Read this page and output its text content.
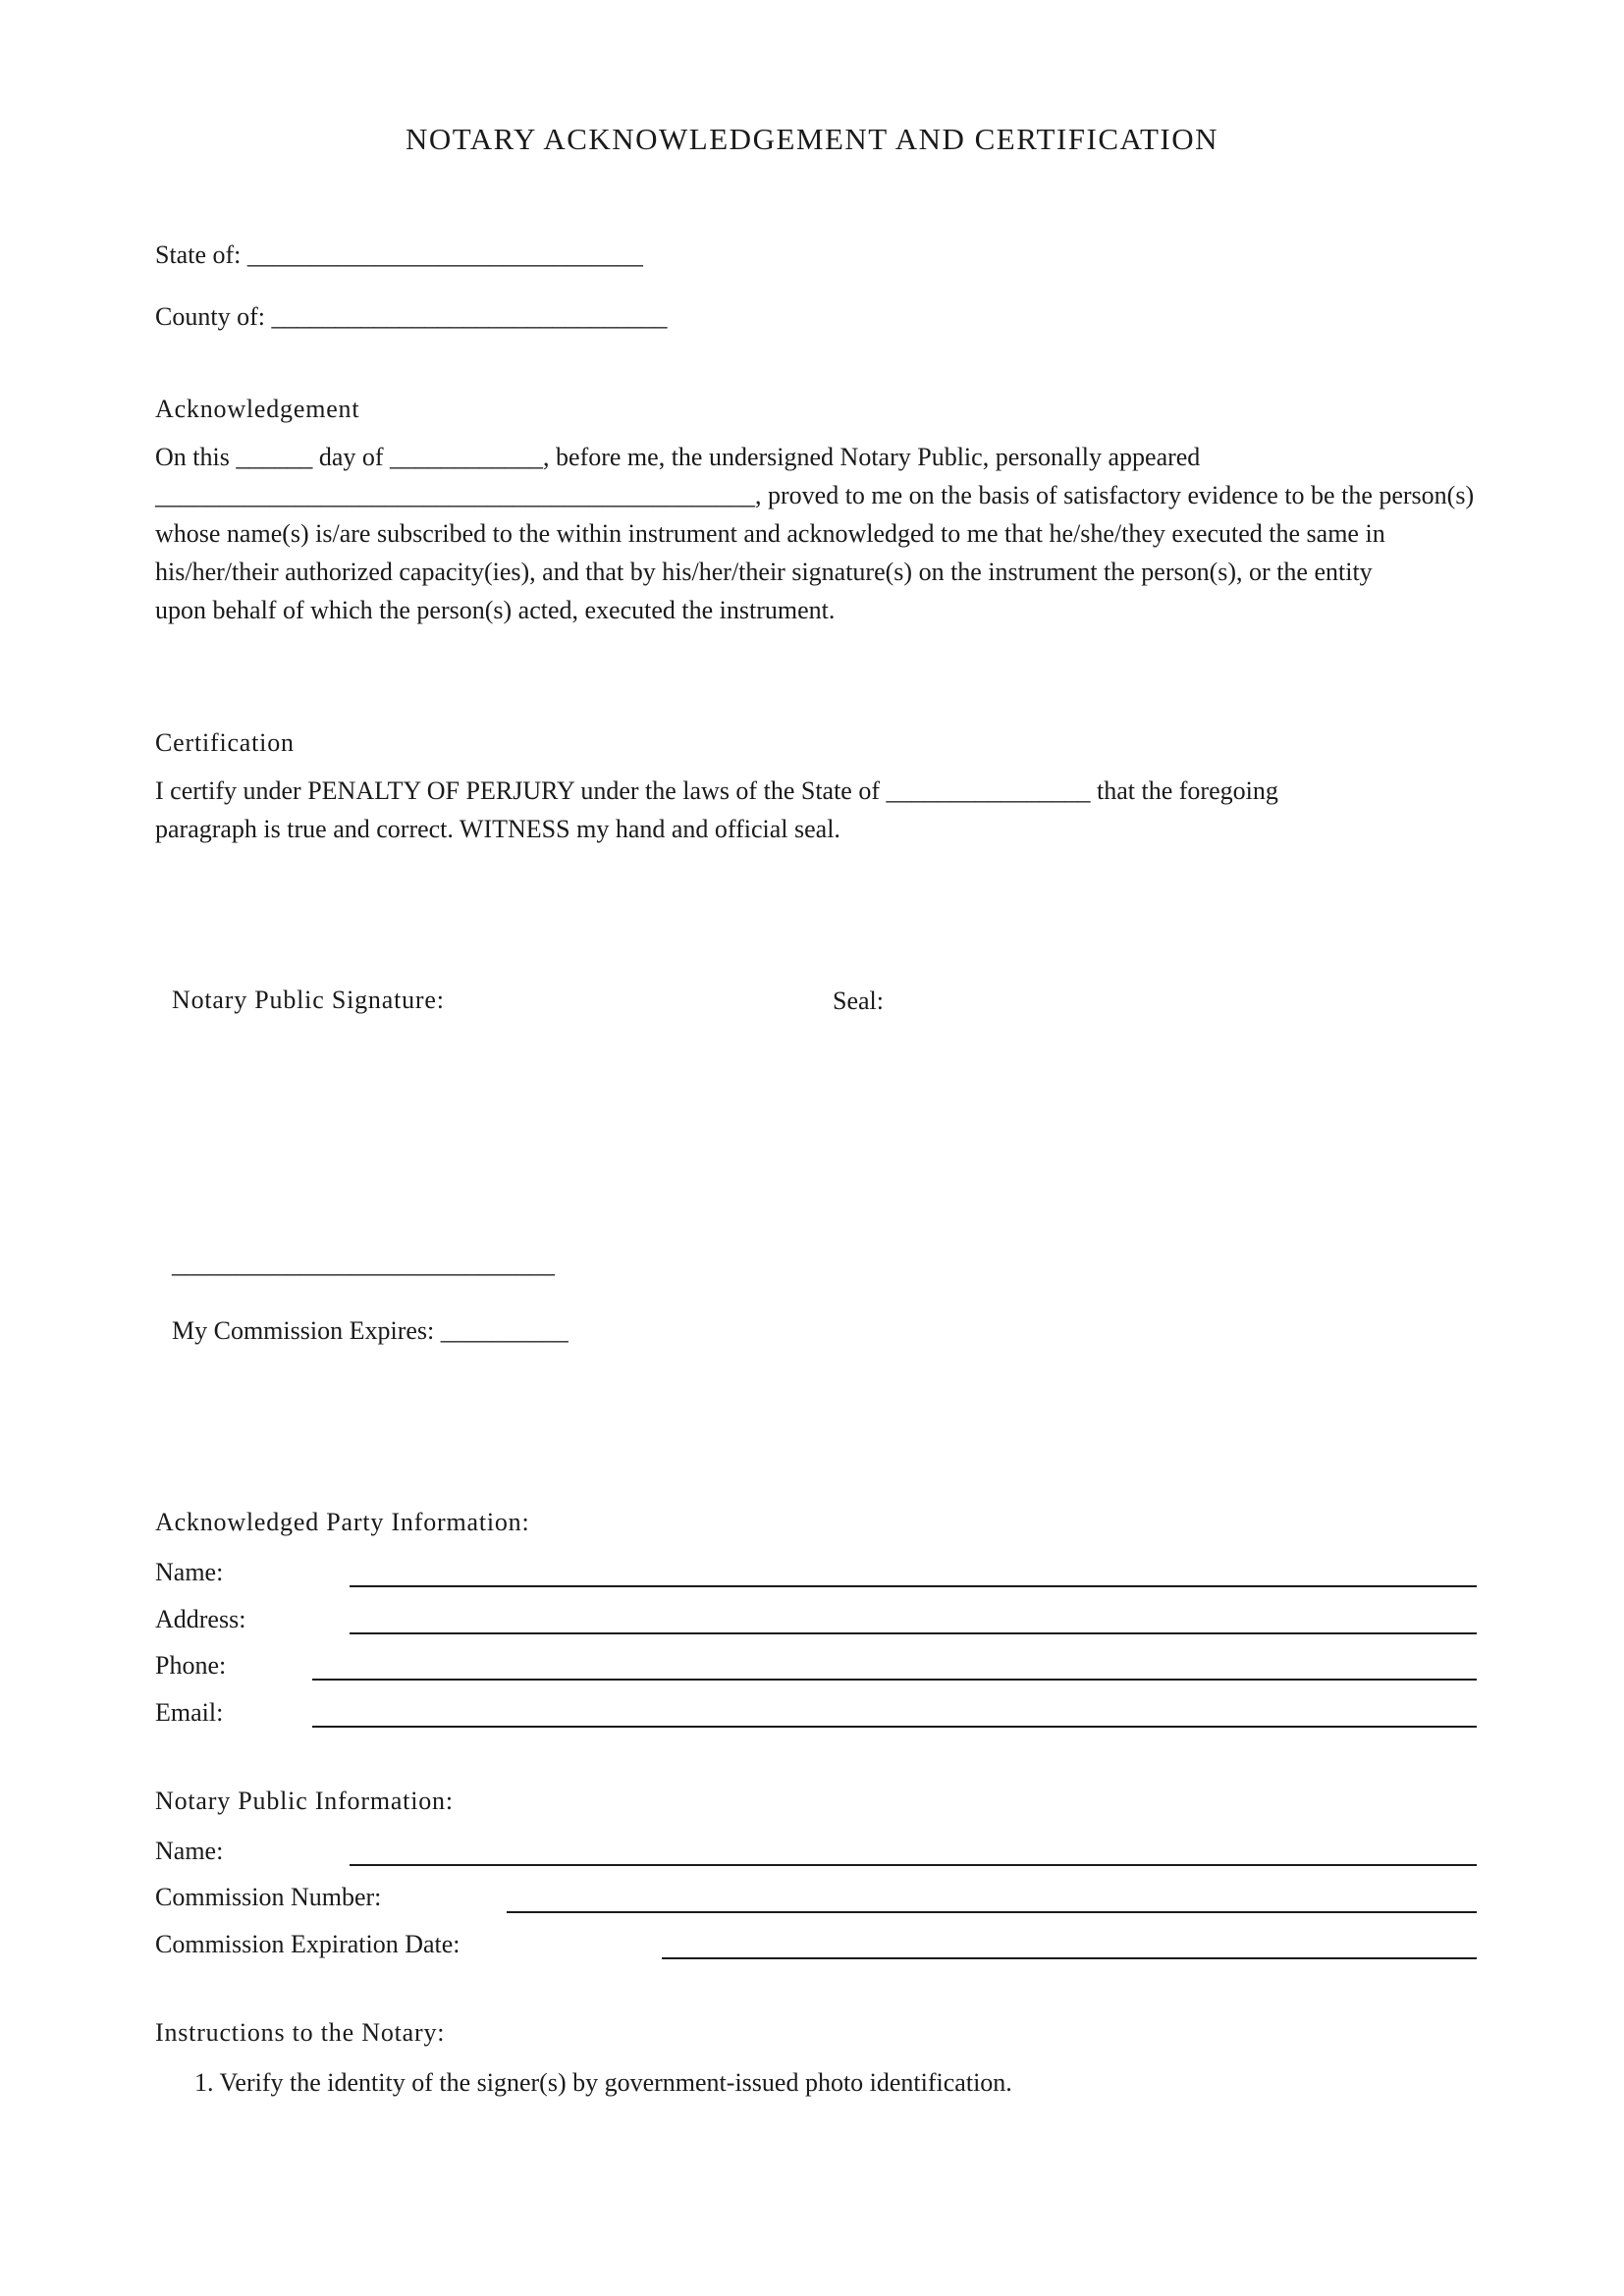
NOTARY ACKNOWLEDGEMENT AND CERTIFICATION
State of: _______________________________
County of: _______________________________
Acknowledgement
On this ______ day of ____________, before me, the undersigned Notary Public, personally appeared
_______________________________________________, proved to me on the basis of satisfactory evidence to be the person(s)
whose name(s) is/are subscribed to the within instrument and acknowledged to me that he/she/they executed the same in
his/her/their authorized capacity(ies), and that by his/her/their signature(s) on the instrument the person(s), or the entity
upon behalf of which the person(s) acted, executed the instrument.
Certification
I certify under PENALTY OF PERJURY under the laws of the State of ________________ that the foregoing
paragraph is true and correct. WITNESS my hand and official seal.
Notary Public Signature:	Seal:
______________________________
My Commission Expires: __________
Acknowledged Party Information:
Name:
Address:
Phone:
Email:
Notary Public Information:
Name:
Commission Number:
Commission Expiration Date:
Instructions to the Notary:
1. Verify the identity of the signer(s) by government-issued photo identification.
